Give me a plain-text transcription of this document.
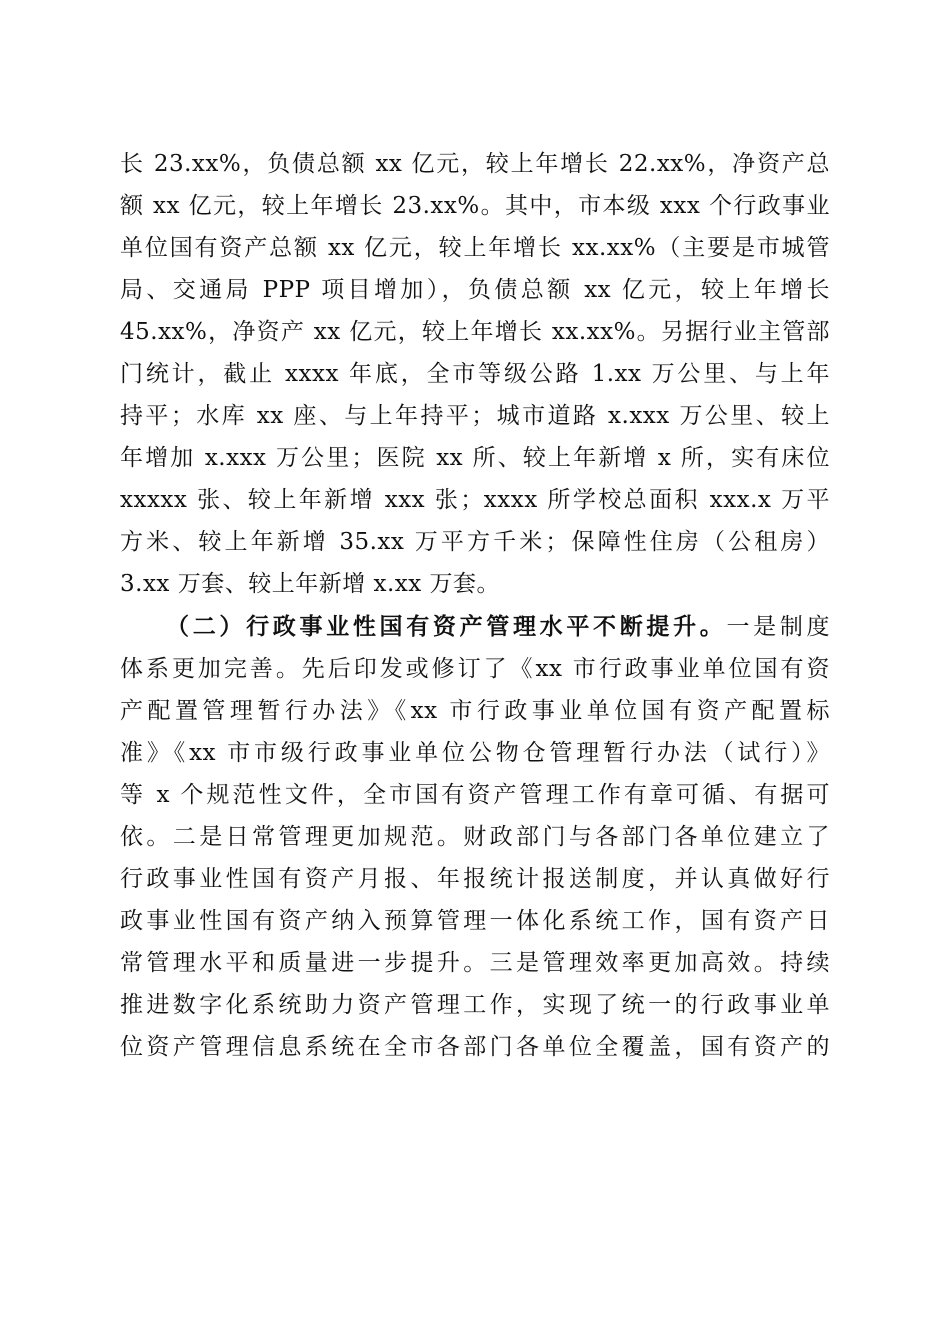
长 23.xx%，负债总额 xx 亿元，较上年增长 22.xx%，净资产总
额 xx 亿元，较上年增长 23.xx%。其中，市本级 xxx 个行政事业
单位国有资产总额 xx 亿元，较上年增长 xx.xx%（主要是市城管
局、交通局 PPP 项目增加），负债总额 xx 亿元，较上年增长
45.xx%，净资产 xx 亿元，较上年增长 xx.xx%。另据行业主管部
门统计，截止 xxxx 年底，全市等级公路 1.xx 万公里、与上年
持平；水库 xx 座、与上年持平；城市道路 x.xxx 万公里、较上
年增加 x.xxx 万公里；医院 xx 所、较上年新增 x 所，实有床位
xxxxx 张、较上年新增 xxx 张；xxxx 所学校总面积 xxx.x 万平
方米、较上年新增 35.xx 万平方千米；保障性住房（公租房）
3.xx 万套、较上年新增 x.xx 万套。
（二）行政事业性国有资产管理水平不断提升。一是制度
体系更加完善。先后印发或修订了《xx 市行政事业单位国有资
产配置管理暂行办法》《xx 市行政事业单位国有资产配置标
准》《xx 市市级行政事业单位公物仓管理暂行办法（试行）》
等 x 个规范性文件，全市国有资产管理工作有章可循、有据可
依。二是日常管理更加规范。财政部门与各部门各单位建立了
行政事业性国有资产月报、年报统计报送制度，并认真做好行
政事业性国有资产纳入预算管理一体化系统工作，国有资产日
常管理水平和质量进一步提升。三是管理效率更加高效。持续
推进数字化系统助力资产管理工作，实现了统一的行政事业单
位资产管理信息系统在全市各部门各单位全覆盖，国有资产的
